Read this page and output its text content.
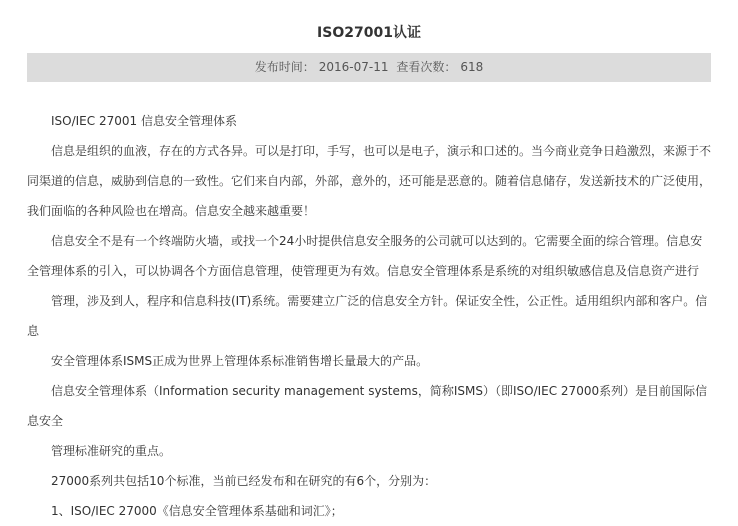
ISO27001认证
发布时间： 2016-07-11 查看次数： 618

ISO/IEC 27001 信息安全管理体系

信息是组织的血液，存在的方式各异。可以是打印，手写，也可以是电子，演示和口述的。当今商业竞争日趋激烈，来源于不同渠道的信息，威胁到信息的一致性。它们来自内部，外部，意外的，还可能是恶意的。随着信息储存，发送新技术的广泛使用，我们面临的各种风险也在增高。信息安全越来越重要！

信息安全不是有一个终端防火墙，或找一个24小时提供信息安全服务的公司就可以达到的。它需要全面的综合管理。信息安全管理体系的引入，可以协调各个方面信息管理，使管理更为有效。信息安全管理体系是系统的对组织敏感信息及信息资产进行

管理，涉及到人，程序和信息科技(IT)系统。需要建立广泛的信息安全方针。保证安全性，公正性。适用组织内部和客户。信息

安全管理体系ISMS正成为世界上管理体系标准销售增长量最大的产品。

信息安全管理体系（Information security management systems，简称ISMS）（即ISO/IEC 27000系列）是目前国际信息安全

管理标准研究的重点。

27000系列共包括10个标准，当前已经发布和在研究的有6个，分别为：

1、ISO/IEC 27000《信息安全管理体系基础和词汇》；
